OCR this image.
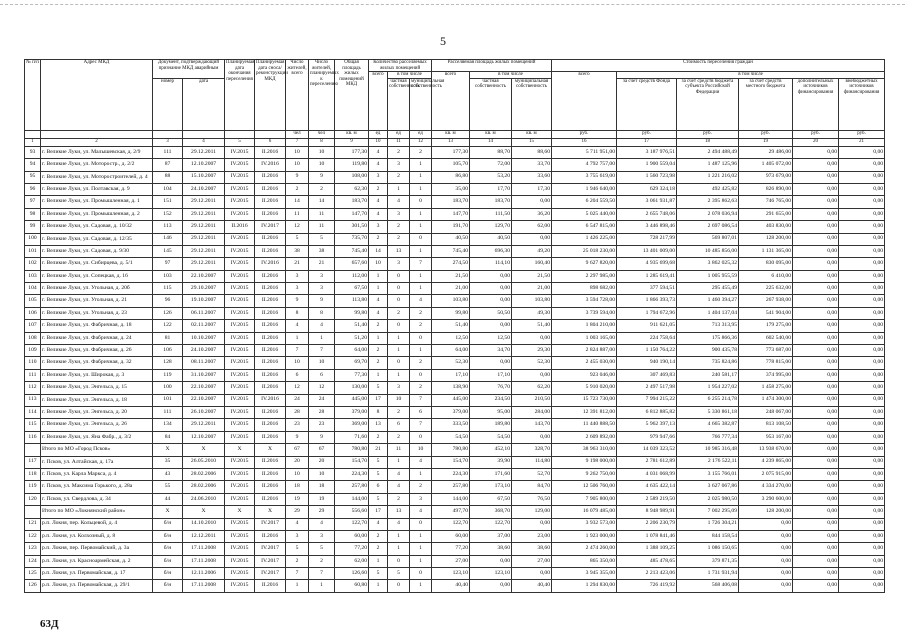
5
№ п/п	Адрес МКД	Документ, подтверждающий признание МКД аварийным		Планируемая дата окончания переселения	Планируемая дата сноса/реконструкции МКД	Число жителей, всего	Число жителей, планируемых к переселению	Общая площадь жилых помещений МКД	Количество расселяемых жилых помещений			Расселяемая площадь жилых помещений			Стоимость переселения граждан					
									всего	в том числе		всего	в том числе		всего	в том числе				
		номер	дата							частная собственность	муниципальная собственность		частная собственность	муниципальная собственность		за счет средств Фонда	за счет средств бюджета субъекта Российской Федерации	за счет средств местного бюджета	дополнительных источников финансирования	внебюджетных источников финансирования

						чел	чел	кв. м	ед	ед	ед	кв. м	кв. м	кв. м	руб.	руб.	руб.	руб.	руб.	руб.
1	2	3	4	5	6	7	8	9	10	11	12	13	14	15	16	17	18	19	20	21
93	г. Великие Луки, ул. Малышевская, д. 2/9	111	29.12.2011	IV.2015	II.2016	10	10	177,30	4	2	2	177,30	88,70	88,60	5 711 951,00	3 187 976,51	2 494 488,49	29 486,00	0,00	0,00
94	г. Великие Луки, ул. Моторостр., д. 2/2	87	12.10.2007	IV.2015	IV.2016	10	10	119,80	4	3	1	105,70	72,00	33,70	4 792 757,00	1 900 559,04	1 487 125,96	1 405 072,00	0,00	0,00
95	г. Великие Луки, ул. Моторостроителей, д. 4	88	15.10.2007	IV.2015	II.2016	9	9	108,00	3	2	1	86,80	53,20	33,60	3 755 619,00	1 560 723,98	1 221 216,02	973 679,00	0,00	0,00
96	г. Великие Луки, ул. Полтавская, д. 9	104	24.10.2007	IV.2015	II.2016	2	2	62,30	2	1	1	35,00	17,70	17,30	1 946 640,00	629 324,18	492 425,82	826 890,00	0,00	0,00
97	г. Великие Луки, ул. Промышленная, д. 1	151	29.12.2011	IV.2015	II.2016	14	14	183,70	4	4	0	183,70	183,70	0,00	6 204 559,50	3 061 931,87	2 395 862,63	746 765,00	0,00	0,00
98	г. Великие Луки, ул. Промышленная, д. 2	152	29.12.2011	IV.2015	II.2016	11	11	147,70	4	3	1	147,70	111,50	36,20	5 025 440,00	2 655 748,06	2 078 036,94	291 655,00	0,00	0,00
99	г. Великие Луки, ул. Садовая, д. 10/32	113	29.12.2011	II.2016	IV.2017	12	11	301,50	3	2	1	191,70	129,70	62,00	6 547 815,00	3 446 898,46	2 697 086,54	403 830,00	0,00	0,00
100	г. Великие Луки, ул. Садовая, д. 12/35	146	29.12.2011	IV.2015	II.2016	5	5	735,70	2	2	0	40,50	40,50	0,00	1 426 225,00	728 217,99	569 807,01	128 200,00	0,00	0,00
101	г. Великие Луки, ул. Садовая, д. 9/30	145	29.12.2011	IV.2015	II.2016	38	38	745,40	14	13	1	745,40	696,30	49,20	25 018 230,00	13 401 009,00	10 485 856,00	1 131 365,00	0,00	0,00
102	г. Великие Луки, ул. Сибирцева, д. 5/1	97	29.12.2011	IV.2015	IV.2016	21	21	657,60	10	3	7	274,50	114,10	160,40	9 627 820,00	4 935 699,68	3 862 025,32	830 095,00	0,00	0,00
103	г. Великие Луки, ул. Сопецкая, д. 16	103	22.10.2007	IV.2015	II.2016	3	3	112,00	1	0	1	21,50	0,00	21,50	2 297 985,00	1 285 619,41	1 005 955,59	6 410,00	0,00	0,00
104	г. Великие Луки, ул. Угольная, д. 20б	115	29.10.2007	IV.2015	II.2016	3	3	67,50	1	0	1	21,00	0,00	21,00	898 682,00	377 594,51	295 455,49	225 632,00	0,00	0,00
105	г. Великие Луки, ул. Угольная, д. 21	96	19.10.2007	IV.2015	II.2016	9	9	113,80	4	0	4	103,80	0,00	103,80	3 594 728,00	1 866 393,73	1 460 394,27	267 938,00	0,00	0,00
106	г. Великие Луки, ул. Угольная, д. 23	126	06.11.2007	IV.2015	II.2016	8	8	99,80	4	2	2	99,80	50,50	49,30	3 739 594,00	1 794 672,96	1 404 137,04	541 904,00	0,00	0,00
107	г. Великие Луки, ул. Фабричная, д. 18	122	02.11.2007	IV.2015	II.2016	4	4	51,40	2	0	2	51,40	0,00	51,40	1 804 210,00	911 621,05	713 313,95	179 275,00	0,00	0,00
108	г. Великие Луки, ул. Фабричная, д. 24	81	10.10.2007	IV.2015	II.2016	1	1	51,20	1	1	0	12,50	12,50	0,00	1 003 165,00	224 758,64	175 866,36	602 540,00	0,00	0,00
109	г. Великие Луки, ул. Фабричная, д. 26	106	24.10.2007	IV.2015	II.2016	7	7	64,00	2	1	1	64,00	34,70	29,30	2 824 887,00	1 150 764,22	900 435,78	773 687,00	0,00	0,00
110	г. Великие Луки, ул. Фабричная, д. 32	128	08.11.2007	IV.2015	II.2016	10	10	69,70	2	0	2	52,30	0,00	52,30	2 455 030,00	940 190,14	735 824,86	778 815,00	0,00	0,00
111	г. Великие Луки, ул. Широкая, д. 3	119	31.10.2007	IV.2015	II.2016	6	6	77,30	1	1	0	17,10	17,10	0,00	923 046,00	307 469,83	240 581,17	374 995,00	0,00	0,00
112	г. Великие Луки, ул. Энгельса, д. 15	100	22.10.2007	IV.2015	II.2016	12	12	130,00	5	3	2	138,90	76,70	62,20	5 910 020,00	2 497 517,98	1 954 227,02	1 458 275,00	0,00	0,00
113	г. Великие Луки, ул. Энгельса, д. 18	101	22.10.2007	IV.2015	IV.2016	24	24	445,00	17	10	7	445,00	234,50	210,50	15 723 730,00	7 994 215,22	6 255 214,78	1 474 300,00	0,00	0,00
114	г. Великие Луки, ул. Энгельса, д. 20	111	26.10.2007	IV.2015	II.2016	28	28	379,00	8	2	6	379,00	95,00	284,00	12 391 812,00	6 812 885,82	5 330 861,18	248 067,00	0,00	0,00
115	г. Великие Луки, ул. Энгельса, д. 26	134	29.12.2011	IV.2015	II.2016	23	23	369,00	13	6	7	333,50	189,80	143,70	11 440 888,50	5 962 397,13	4 665 382,87	813 108,50	0,00	0,00
116	г. Великие Луки, ул. Яна Фабр., д. 3/2	84	12.10.2007	IV.2015	II.2016	9	9	71,60	2	2	0	54,50	54,50	0,00	2 609 892,00	979 947,66	766 777,34	953 167,00	0,00	0,00
	Итого по МО «Город Псков»	X	X	X	X	67	67	780,80	21	11	10	780,80	452,10	328,70	38 963 310,00	14 039 323,52	10 985 316,48	13 938 670,00	0,00	0,00
117	г. Псков, ул. Алтайская, д. 17а	35	26.05.2010	IV.2015	II.2016	20	20	154,70	5	1	4	154,70	39,90	114,80	9 198 000,00	2 781 612,89	2 176 522,11	4 239 865,00	0,00	0,00
118	г. Псков, ул. Карла Маркса, д. 4	43	28.02.2006	IV.2015	II.2016	10	10	224,30	5	4	1	224,30	171,60	52,70	9 262 750,00	4 031 068,99	3 155 766,01	2 075 915,00	0,00	0,00
119	г. Псков, ул. Максима Горького, д. 28а	55	28.02.2006	IV.2015	II.2016	18	18	257,80	6	4	2	257,80	173,10	84,70	12 506 760,00	4 635 422,14	3 627 067,86	4 334 270,00	0,00	0,00
120	г. Псков, ул. Свердлова, д. 34	44	24.06.2010	IV.2015	II.2016	19	19	144,00	5	2	3	144,00	67,50	76,50	7 905 800,00	2 589 219,50	2 025 980,50	3 290 600,00	0,00	0,00
	Итого по МО «Локнянский район»	X	X	X	X	29	29	556,60	17	13	4	497,70	368,70	129,00	16 079 485,00	8 948 989,91	7 002 295,09	128 200,00	0,00	0,00
121	р.п. Локня, пер. Кольцевой, д. 4	б/н	14.10.2010	IV.2015	IV.2017	4	4	122,70	4	4	0	122,70	122,70	0,00	3 932 573,00	2 206 230,79	1 726 304,21	0,00	0,00	0,00
122	р.п. Локня, ул. Колхозный, д. 8	б/н	12.12.2011	IV.2015	II.2016	3	3	60,00	2	1	1	60,00	37,00	23,00	1 923 000,00	1 078 841,46	844 158,54	0,00	0,00	0,00
123	р.п. Локня, пер. Первомайский, д. 3а	б/н	17.11.2008	IV.2015	IV.2017	5	5	77,20	2	1	1	77,20	38,60	38,60	2 474 260,00	1 388 109,25	1 086 150,65	0,00	0,00	0,00
124	р.п. Локня, ул. Красноармейская, д. 2	б/н	17.11.2008	IV.2015	IV.2017	2	2	62,00	1	0	1	27,00	0,00	27,00	865 350,00	485 478,65	379 871,35	0,00	0,00	0,00
125	р.п. Локня, ул. Первомайская, д. 17	б/н	12.11.2006	IV.2015	IV.2017	7	7	126,60	5	5	0	123,10	123,10	0,00	3 945 355,00	2 213 423,06	1 731 931,94	0,00	0,00	0,00
126	р.п. Локня, ул. Первомайская, д. 29/1	б/н	17.11.2008	IV.2015	II.2016	1	1	60,80	1	0	1	40,40	0,00	40,40	1 294 830,00	726 419,92	568 406,08	0,00	0,00	0,00
63Д
